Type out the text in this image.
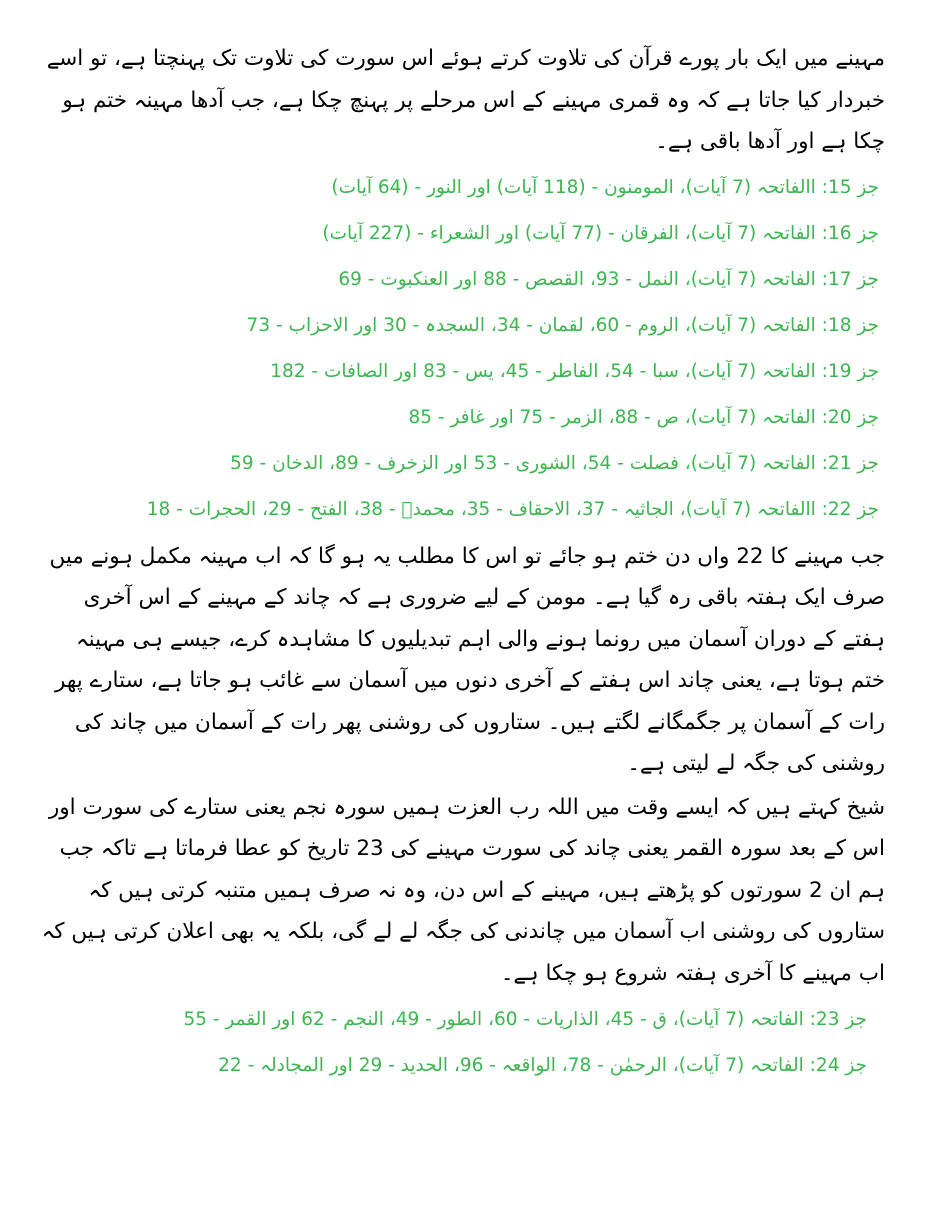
مہینے میں ایک بار پورے قرآن کی تلاوت کرتے ہوئے اس سورت کی تلاوت تک پہنچتا ہے، تو اسے خبردار کیا جاتا ہے کہ وہ قمری مہینے کے اس مرحلے پر پہنچ چکا ہے، جب آدھا مہینہ ختم ہو چکا ہے اور آدھا باقی ہے۔

جز 15: االفاتحہ (7 آیات)، المومنون - (118 آیات) اور النور - (64 آیات)

جز 16: الفاتحہ (7 آیات)، الفرقان - (77 آیات) اور الشعراء - (227 آیات)

جز 17: الفاتحہ (7 آیات)، النمل - 93، القصص - 88 اور العنکبوت - 69

جز 18: الفاتحہ (7 آیات)، الروم - 60، لقمان - 34، السجدہ - 30 اور الاحزاب - 73

جز 19: الفاتحہ (7 آیات)، سبا - 54، الفاطر - 45، یس - 83 اور الصافات - 182

جز 20: الفاتحہ (7 آیات)، ص - 88، الزمر - 75 اور غافر - 85

جز 21: الفاتحہ (7 آیات)، فصلت - 54، الشوری - 53 اور الزخرف - 89، الدخان - 59

جز 22: االفاتحہ (7 آیات)، الجاثیہ - 37، الاحقاف - 35، محمدؐ - 38، الفتح - 29، الحجرات - 18

جب مہینے کا 22 واں دن ختم ہو جائے تو اس کا مطلب یہ ہو گا کہ اب مہینہ مکمل ہونے میں صرف ایک ہفتہ باقی رہ گیا ہے۔ مومن کے لیے ضروری ہے کہ چاند کے مہینے کے اس آخری ہفتے کے دوران آسمان میں رونما ہونے والی اہم تبدیلیوں کا مشاہدہ کرے، جیسے ہی مہینہ ختم ہوتا ہے، یعنی چاند اس ہفتے کے آخری دنوں میں آسمان سے غائب ہو جاتا ہے، ستارے پھر رات کے آسمان پر جگمگانے لگتے ہیں۔ ستاروں کی روشنی پھر رات کے آسمان میں چاند کی روشنی کی جگہ لے لیتی ہے۔

شیخ کہتے ہیں کہ ایسے وقت میں اللہ رب العزت ہمیں سورہ نجم یعنی ستارے کی سورت اور اس کے بعد سورہ القمر یعنی چاند کی سورت مہینے کی 23 تاریخ کو عطا فرماتا ہے تاکہ جب ہم ان 2 سورتوں کو پڑھتے ہیں، مہینے کے اس دن، وہ نہ صرف ہمیں متنبہ کرتی ہیں کہ ستاروں کی روشنی اب آسمان میں چاندنی کی جگہ لے لے گی، بلکہ یہ بھی اعلان کرتی ہیں کہ اب مہینے کا آخری ہفتہ شروع ہو چکا ہے۔

جز 23: الفاتحہ (7 آیات)، ق - 45، الذاریات - 60، الطور - 49، النجم - 62 اور القمر - 55

جز 24: الفاتحہ (7 آیات)، الرحمٰن - 78، الواقعہ - 96، الحدید - 29 اور المجادلہ - 22
